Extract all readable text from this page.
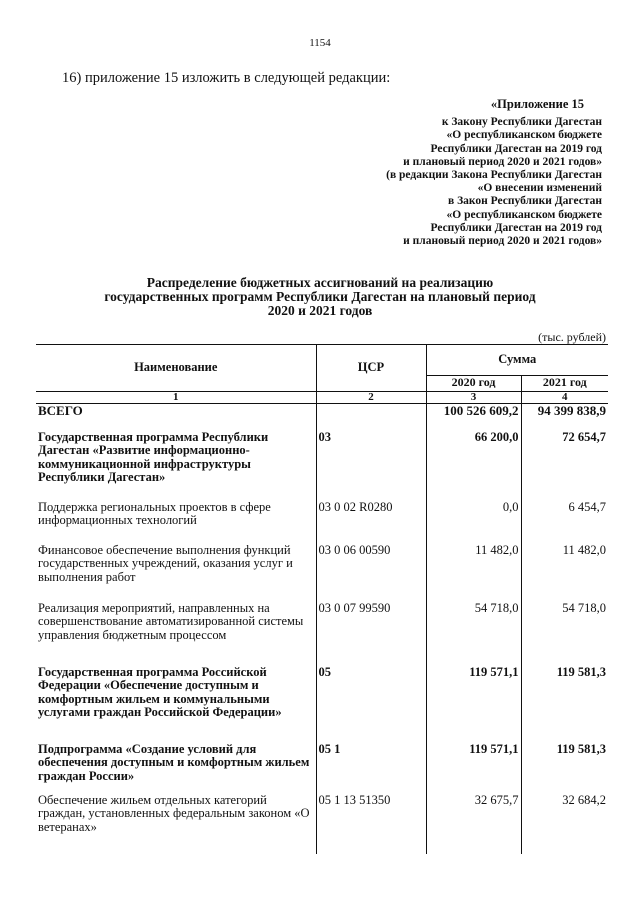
1154
16) приложение 15 изложить в следующей редакции:
«Приложение 15
к Закону Республики Дагестан
«О республиканском бюджете
Республики Дагестан на 2019 год
и плановый период 2020 и 2021 годов»
(в редакции Закона Республики Дагестан
«О внесении изменений
в Закон Республики Дагестан
«О республиканском бюджете
Республики Дагестан на 2019 год
и плановый период 2020 и 2021 годов»
Распределение бюджетных ассигнований на реализацию
государственных программ Республики Дагестан на плановый период
2020 и 2021 годов
(тыс. рублей)
Наименование	ЦСР	Сумма	
		2020 год	2021 год
1	2	3	4
ВСЕГО		100 526 609,2	94 399 838,9
Государственная программа Республики Дагестан «Развитие информационно-коммуникационной инфраструктуры Республики Дагестан»	03	66 200,0	72 654,7
Поддержка региональных проектов в сфере информационных технологий	03 0 02 R0280	0,0	6 454,7
Финансовое обеспечение выполнения функций государственных учреждений, оказания услуг и выполнения работ	03 0 06 00590	11 482,0	11 482,0
Реализация мероприятий, направленных на совершенствование автоматизированной системы управления бюджетным процессом	03 0 07 99590	54 718,0	54 718,0
Государственная программа Российской Федерации «Обеспечение доступным и комфортным жильем и коммунальными услугами граждан Российской Федерации»	05	119 571,1	119 581,3
Подпрограмма «Создание условий для обеспечения доступным и комфортным жильем граждан России»	05 1	119 571,1	119 581,3
Обеспечение жильем отдельных категорий граждан, установленных федеральным законом «О ветеранах»	05 1 13 51350	32 675,7	32 684,2
